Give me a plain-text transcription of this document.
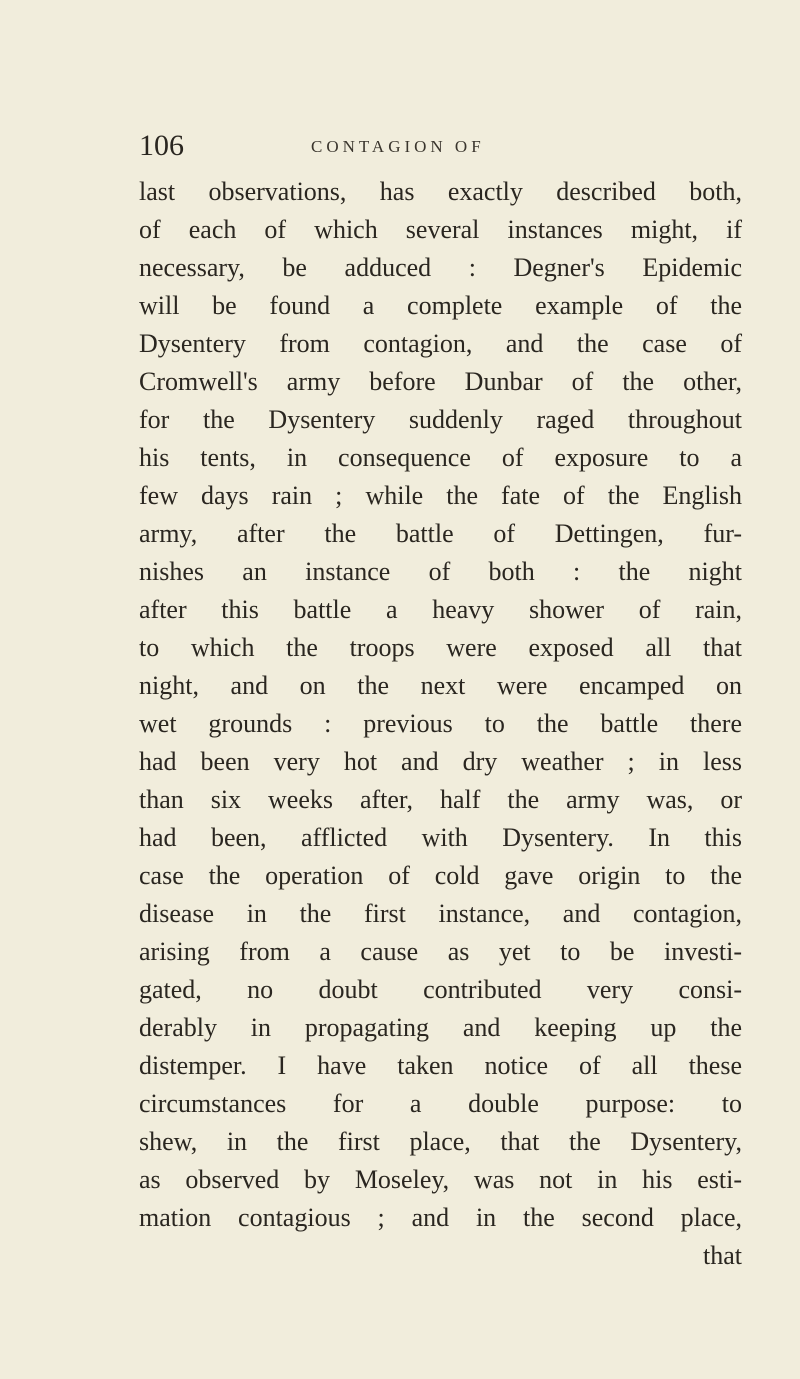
106	CONTAGION OF
last observations, has exactly described both,
of each of which several instances might, if
necessary, be adduced : Degner's Epidemic
will be found a complete example of the
Dysentery from contagion, and the case of
Cromwell's army before Dunbar of the other,
for the Dysentery suddenly raged throughout
his tents, in consequence of exposure to a
few days rain ; while the fate of the English
army, after the battle of Dettingen, fur-
nishes an instance of both : the night
after this battle a heavy shower of rain,
to which the troops were exposed all that
night, and on the next were encamped on
wet grounds : previous to the battle there
had been very hot and dry weather ; in less
than six weeks after, half the army was, or
had been, afflicted with Dysentery. In this
case the operation of cold gave origin to the
disease in the first instance, and contagion,
arising from a cause as yet to be investi-
gated, no doubt contributed very consi-
derably in propagating and keeping up the
distemper. I have taken notice of all these
circumstances for a double purpose: to
shew, in the first place, that the Dysentery,
as observed by Moseley, was not in his esti-
mation contagious ; and in the second place,
that
